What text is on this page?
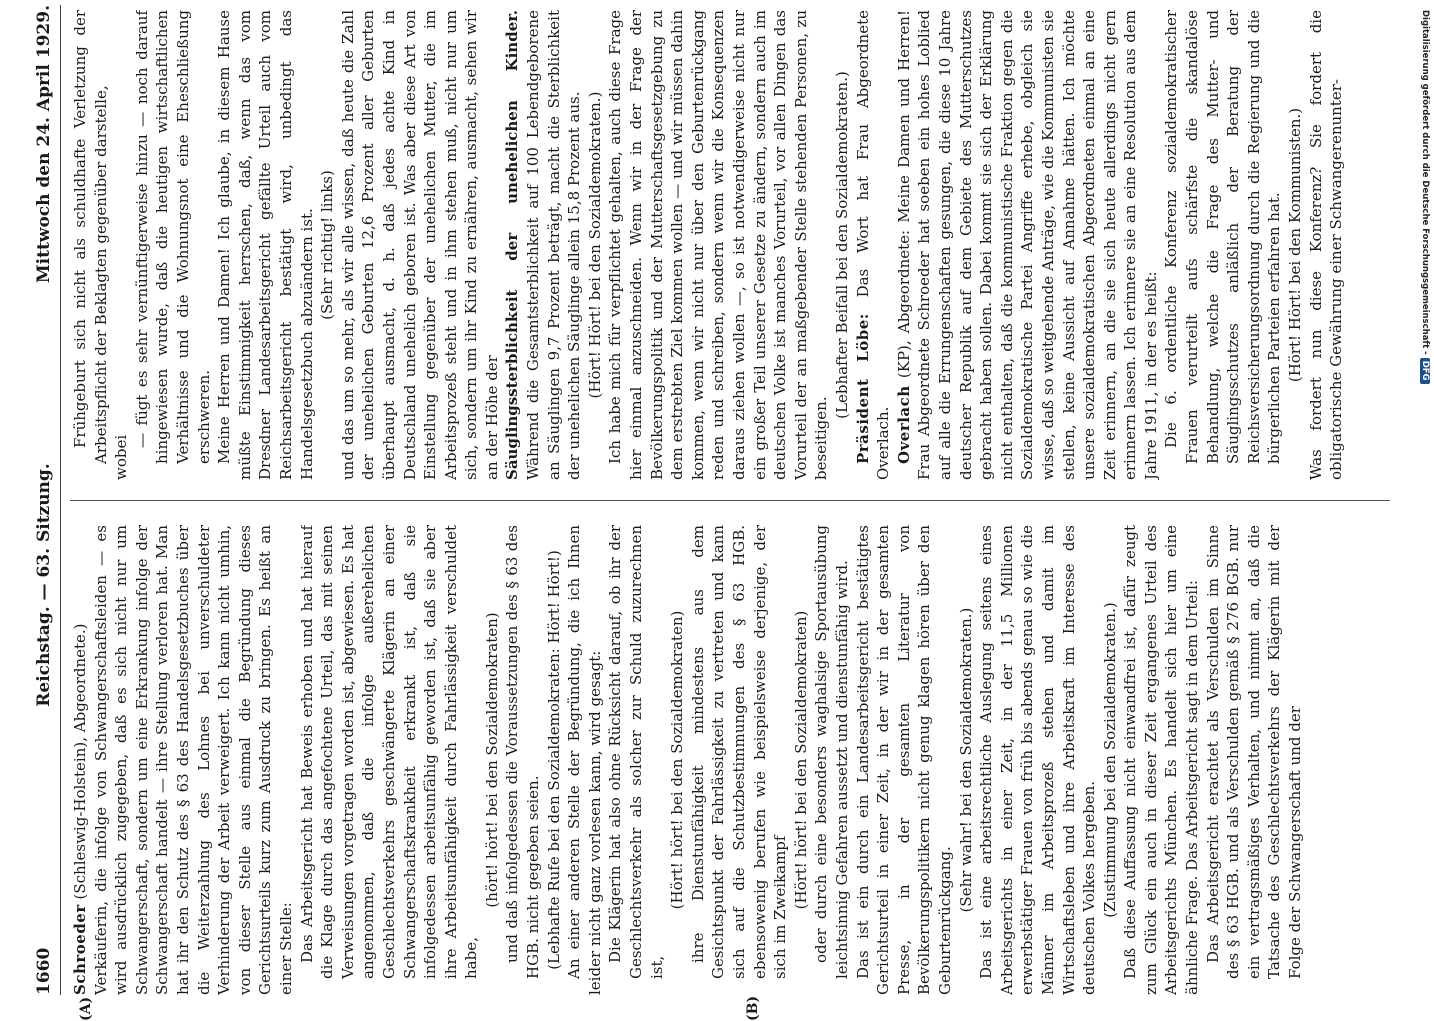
Digitalisierung gefördert durch die Deutsche Forschungsgemeinschaft -DFG
1660
Reichstag. — 63. Sitzung.
Mittwoch den 24. April 1929.
(A)	(B)

Schroeder (Schleswig-Holstein), Abgeordnete.) Verkäuferin, die infolge von Schwangerschaftsleiden — es wird ausdrücklich zugegeben, daß es sich nicht nur um Schwangerschaft, sondern um eine Erkrankung infolge der Schwangerschaft handelt — ihre Stellung verloren hat. Man hat ihr den Schutz des § 63 des Handelsgesetzbuches über die Weiterzahlung des Lohnes bei unverschuldeter Verhinderung der Arbeit verweigert. Ich kann nicht umhin, von dieser Stelle aus einmal die Begründung dieses Gerichtsurteils kurz zum Ausdruck zu bringen. Es heißt an einer Stelle: Das Arbeitsgericht hat Beweis erhoben und hat hierauf die Klage durch das angefochtene Urteil, das mit seinen Verweisungen vorgetragen worden ist, abgewiesen. Es hat angenommen, daß die infolge außerehelichen Geschlechtsverkehrs geschwängerte Klägerin an einer Schwangerschaftskrankheit erkrankt ist, daß sie infolgedessen arbeitsunfähig geworden ist, daß sie aber ihre Arbeitsunfähigkeit durch Fahrlässigkeit verschuldet habe,

(hört! hört! bei den Sozialdemokraten) und daß infolgedessen die Voraussetzungen des § 63 des HGB. nicht gegeben seien. (Lebhafte Rufe bei den Sozialdemokraten: Hört! Hört!) An einer anderen Stelle der Begründung, die ich Ihnen leider nicht ganz vorlesen kann, wird gesagt: Die Klägerin hat also ohne Rücksicht darauf, ob ihr der Geschlechtsverkehr als solcher zur Schuld zuzurechnen ist,

(Hört! hört! bei den Sozialdemokraten) ihre Dienstunfähigkeit mindestens aus dem Gesichtspunkt der Fahrlässigkeit zu vertreten und kann sich auf die Schutzbestimmungen des § 63 HGB. ebensowenig berufen wie beispielsweise derjenige, der sich im Zweikampf (Hört! hört! bei den Sozialdemokraten) oder durch eine besonders waghalsige Sportausübung leichtsinnig Gefahren aussetzt und dienstunfähig wird. Das ist ein durch ein Landesarbeitsgericht bestätigtes Gerichtsurteil in einer Zeit, in der wir in der gesamten Presse, in der gesamten Literatur von Bevölkerungspolitikern nicht genug klagen hören über den Geburtenrückgang.

(Sehr wahr! bei den Sozialdemokraten.) Das ist eine arbeitsrechtliche Auslegung seitens eines Arbeitsgerichts in einer Zeit, in der 11,5 Millionen erwerbstätiger Frauen von früh bis abends genau so wie die Männer im Arbeitsprozeß stehen und damit im Wirtschaftsleben und ihre Arbeitskraft im Interesse des deutschen Volkes hergeben. (Zustimmung bei den Sozialdemokraten.) Daß diese Auffassung nicht einwandfrei ist, dafür zeugt zum Glück ein auch in dieser Zeit ergangenes Urteil des Arbeitsgerichts München. Es handelt sich hier um eine ähnliche Frage. Das Arbeitsgericht sagt in dem Urteil: Das Arbeitsgericht erachtet als Verschulden im Sinne des § 63 HGB. und als Verschulden gemäß § 276 BGB. nur ein vertragsmäßiges Verhalten, und nimmt an, daß die Tatsache des Geschlechtsverkehrs der Klägerin mit der Folge der Schwangerschaft und der

Frühgeburt sich nicht als schuldhafte Verletzung der Arbeitspflicht der Beklagten gegenüber darstelle, wobei

— fügt es sehr vernünftigerweise hinzu — noch darauf hingewiesen wurde, daß die heutigen wirtschaftlichen Verhältnisse und die Wohnungsnot eine Eheschließung erschweren. Meine Herren und Damen! Ich glaube, in diesem Hause müßte Einstimmigkeit herrschen, daß, wenn das vom Dresdner Landesarbeitsgericht gefällte Urteil auch vom Reichsarbeitsgericht bestätigt wird, unbedingt das Handelsgesetzbuch abzuändern ist. (Sehr richtig! links) und das um so mehr, als wir alle wissen, daß heute die Zahl der unehelichen Geburten 12,6 Prozent aller Geburten überhaupt ausmacht, d. h. daß jedes achte Kind in Deutschland unehelich geboren ist. Was aber diese Art von Einstellung gegenüber der unehelichen Mutter, die im Arbeitsprozeß steht und in ihm stehen muß, nicht nur um sich, sondern um ihr Kind zu ernähren, ausmacht, sehen wir an der Höhe der Säuglingssterblichkeit der unehelichen Kinder. Während die Gesamtsterblichkeit auf 100 Lebendgeborene an Säuglingen 9,7 Prozent beträgt, macht die Sterblichkeit der unehelichen Säuglinge allein 15,8 Prozent aus. (Hört! Hört! bei den Sozialdemokraten.) Ich habe mich für verpflichtet gehalten, auch diese Frage hier einmal anzuschneiden. Wenn wir in der Frage der Bevölkerungspolitik und der Mutterschaftsgesetzgebung zu dem erstrebten Ziel kommen wollen — und wir müssen dahin kommen, wenn wir nicht nur über den Geburtenrückgang reden und schreiben, sondern wenn wir die Konsequenzen daraus ziehen wollen —, so ist notwendigerweise nicht nur ein großer Teil unserer Gesetze zu ändern, sondern auch im deutschen Volke ist manches Vorurteil, vor allen Dingen das Vorurteil der an maßgebender Stelle stehenden Personen, zu beseitigen.

(Lebhafter Beifall bei den Sozialdemokraten.) Präsident Löbe: Das Wort hat Frau Abgeordnete Overlach. Overlach (KP), Abgeordnete: Meine Damen und Herren! Frau Abgeordnete Schroeder hat soeben ein hohes Loblied auf alle die Errungenschaften gesungen, die diese 10 Jahre deutscher Republik auf dem Gebiete des Mutterschutzes gebracht haben sollen. Dabei kommt sie sich der Erklärung nicht enthalten, daß die kommunistische Fraktion gegen die Sozialdemokratische Partei Angriffe erhebe, obgleich sie wisse, daß so weitgehende Anträge, wie die Kommunisten sie stellen, keine Aussicht auf Annahme hätten. Ich möchte unsere sozialdemokratischen Abgeordneten einmal an eine Zeit erinnern, an die sie sich heute allerdings nicht gern erinnern lassen. Ich erinnere sie an eine Resolution aus dem Jahre 1911, in der es heißt: Die 6. ordentliche Konferenz sozialdemokratischer Frauen verurteilt aufs schärfste die skandalöse Behandlung, welche die Frage des Mutter- und Säuglingsschutzes anläßlich der Beratung der Reichsversicherungsordnung durch die Regierung und die bürgerlichen Parteien erfahren hat. (Hört! Hört! bei den Kommunisten.) Was fordert nun diese Konferenz? Sie fordert die obligatorische Gewährung einer Schwangerenunter-
